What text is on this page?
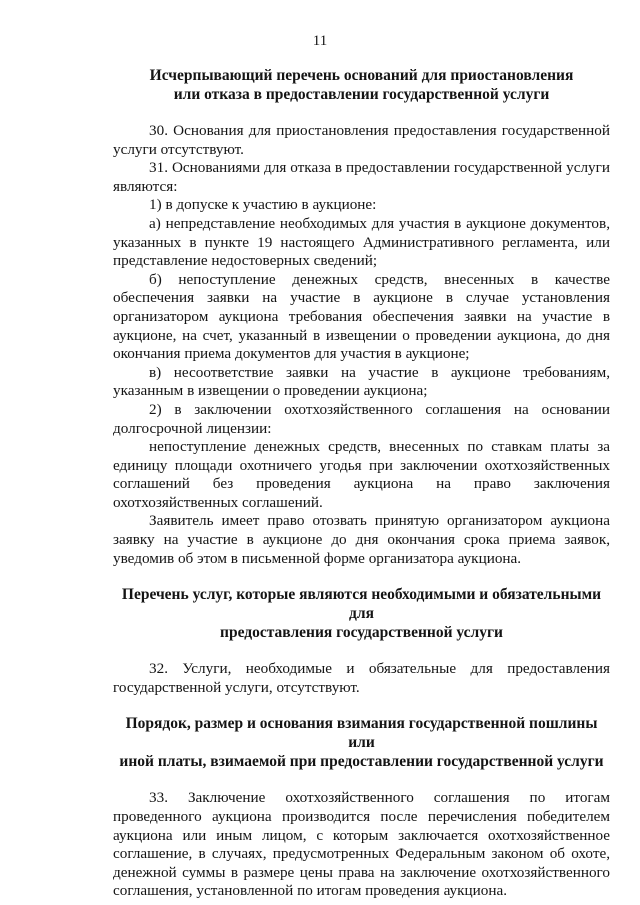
11
Исчерпывающий перечень оснований для приостановления
или отказа в предоставлении государственной услуги

30. Основания для приостановления предоставления государственной услуги отсутствуют.

31. Основаниями для отказа в предоставлении государственной услуги являются:

1) в допуске к участию в аукционе:

а) непредставление необходимых для участия в аукционе документов, указанных в пункте 19 настоящего Административного регламента, или представление недостоверных сведений;

б) непоступление денежных средств, внесенных в качестве обеспечения заявки на участие в аукционе в случае установления организатором аукциона требования обеспечения заявки на участие в аукционе, на счет, указанный в извещении о проведении аукциона, до дня окончания приема документов для участия в аукционе;

в) несоответствие заявки на участие в аукционе требованиям, указанным в извещении о проведении аукциона;

2) в заключении охотхозяйственного соглашения на основании долгосрочной лицензии:

непоступление денежных средств, внесенных по ставкам платы за единицу площади охотничего угодья при заключении охотхозяйственных соглашений без проведения аукциона на право заключения охотхозяйственных соглашений.

Заявитель имеет право отозвать принятую организатором аукциона заявку на участие в аукционе до дня окончания срока приема заявок, уведомив об этом в письменной форме организатора аукциона.

Перечень услуг, которые являются необходимыми и обязательными для
предоставления государственной услуги

32. Услуги, необходимые и обязательные для предоставления государственной услуги, отсутствуют.

Порядок, размер и основания взимания государственной пошлины или
иной платы, взимаемой при предоставлении государственной услуги

33. Заключение охотхозяйственного соглашения по итогам проведенного аукциона производится после перечисления победителем аукциона или иным лицом, с которым заключается охотхозяйственное соглашение, в случаях, предусмотренных Федеральным законом об охоте, денежной суммы в размере цены права на заключение охотхозяйственного соглашения, установленной по итогам проведения аукциона.
